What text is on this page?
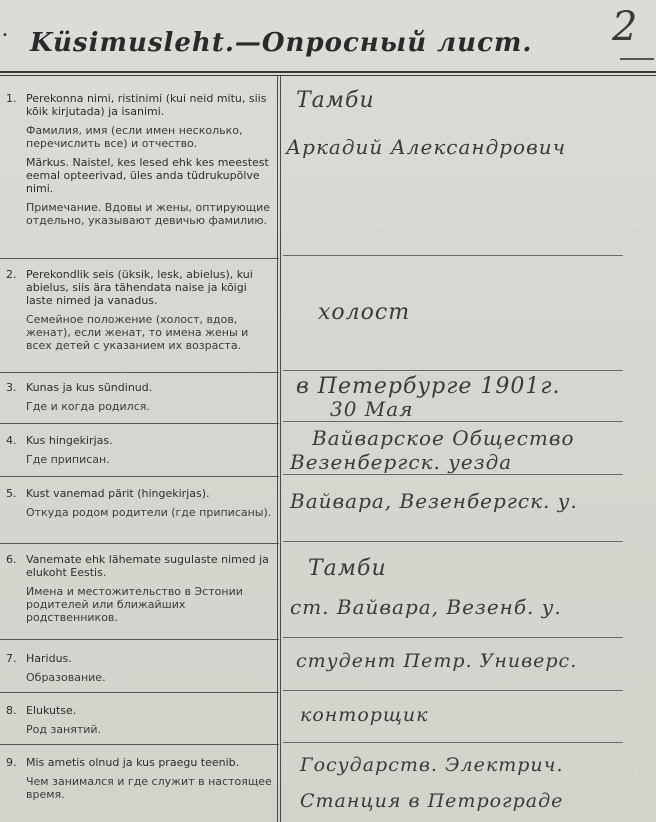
Küsimusleht.—Опросный лист.	2
•
1. Perekonna nimi, ristinimi (kui neid mitu, siis kõik kirjutada) ja isanimi.

Фамилия, имя (если имен несколько, перечислить все) и отчество.

Märkus. Naistel, kes lesed ehk kes meestest eemal opteerivad, üles anda tüdrukupõlve nimi.

Примечание. Вдовы и жены, оптирующие отдельно, указывают девичью фамилию.

Тамби
Аркадий Александрович
2. Perekondlik seis (üksik, lesk, abielus), kui abielus, siis ära tähendata naise ja kõigi laste nimed ja vanadus.

Семейное положение (холост, вдов, женат), если женат, то имена жены и всех детей с указанием их возраста.

холост
3. Kunas ja kus sündinud.

Где и когда родился.

в Петербурге 1901г.
30 Мая
4. Kus hingekirjas.

Где приписан.

Вайварское Общество
Везенбергск. уезда
5. Kust vanemad pärit (hingekirjas).

Откуда родом родители (где приписаны). Вайвара, Везенбергск. у.
6. Vanemate ehk lähemate sugulaste nimed ja elukoht Eestis.

Имена и местожительство в Эстонии родителей или ближайших родственников.

Тамби
ст. Вайвара, Везенб. у.
7. Haridus.

Образование.

студент Петр. Универс.
8. Elukutse.

Род занятий.

конторщик
9. Mis ametis olnud ja kus praegu teenib.

Чем занимался и где служит в настоящее время.

Государств. Электрич.
Станция в Петрограде
